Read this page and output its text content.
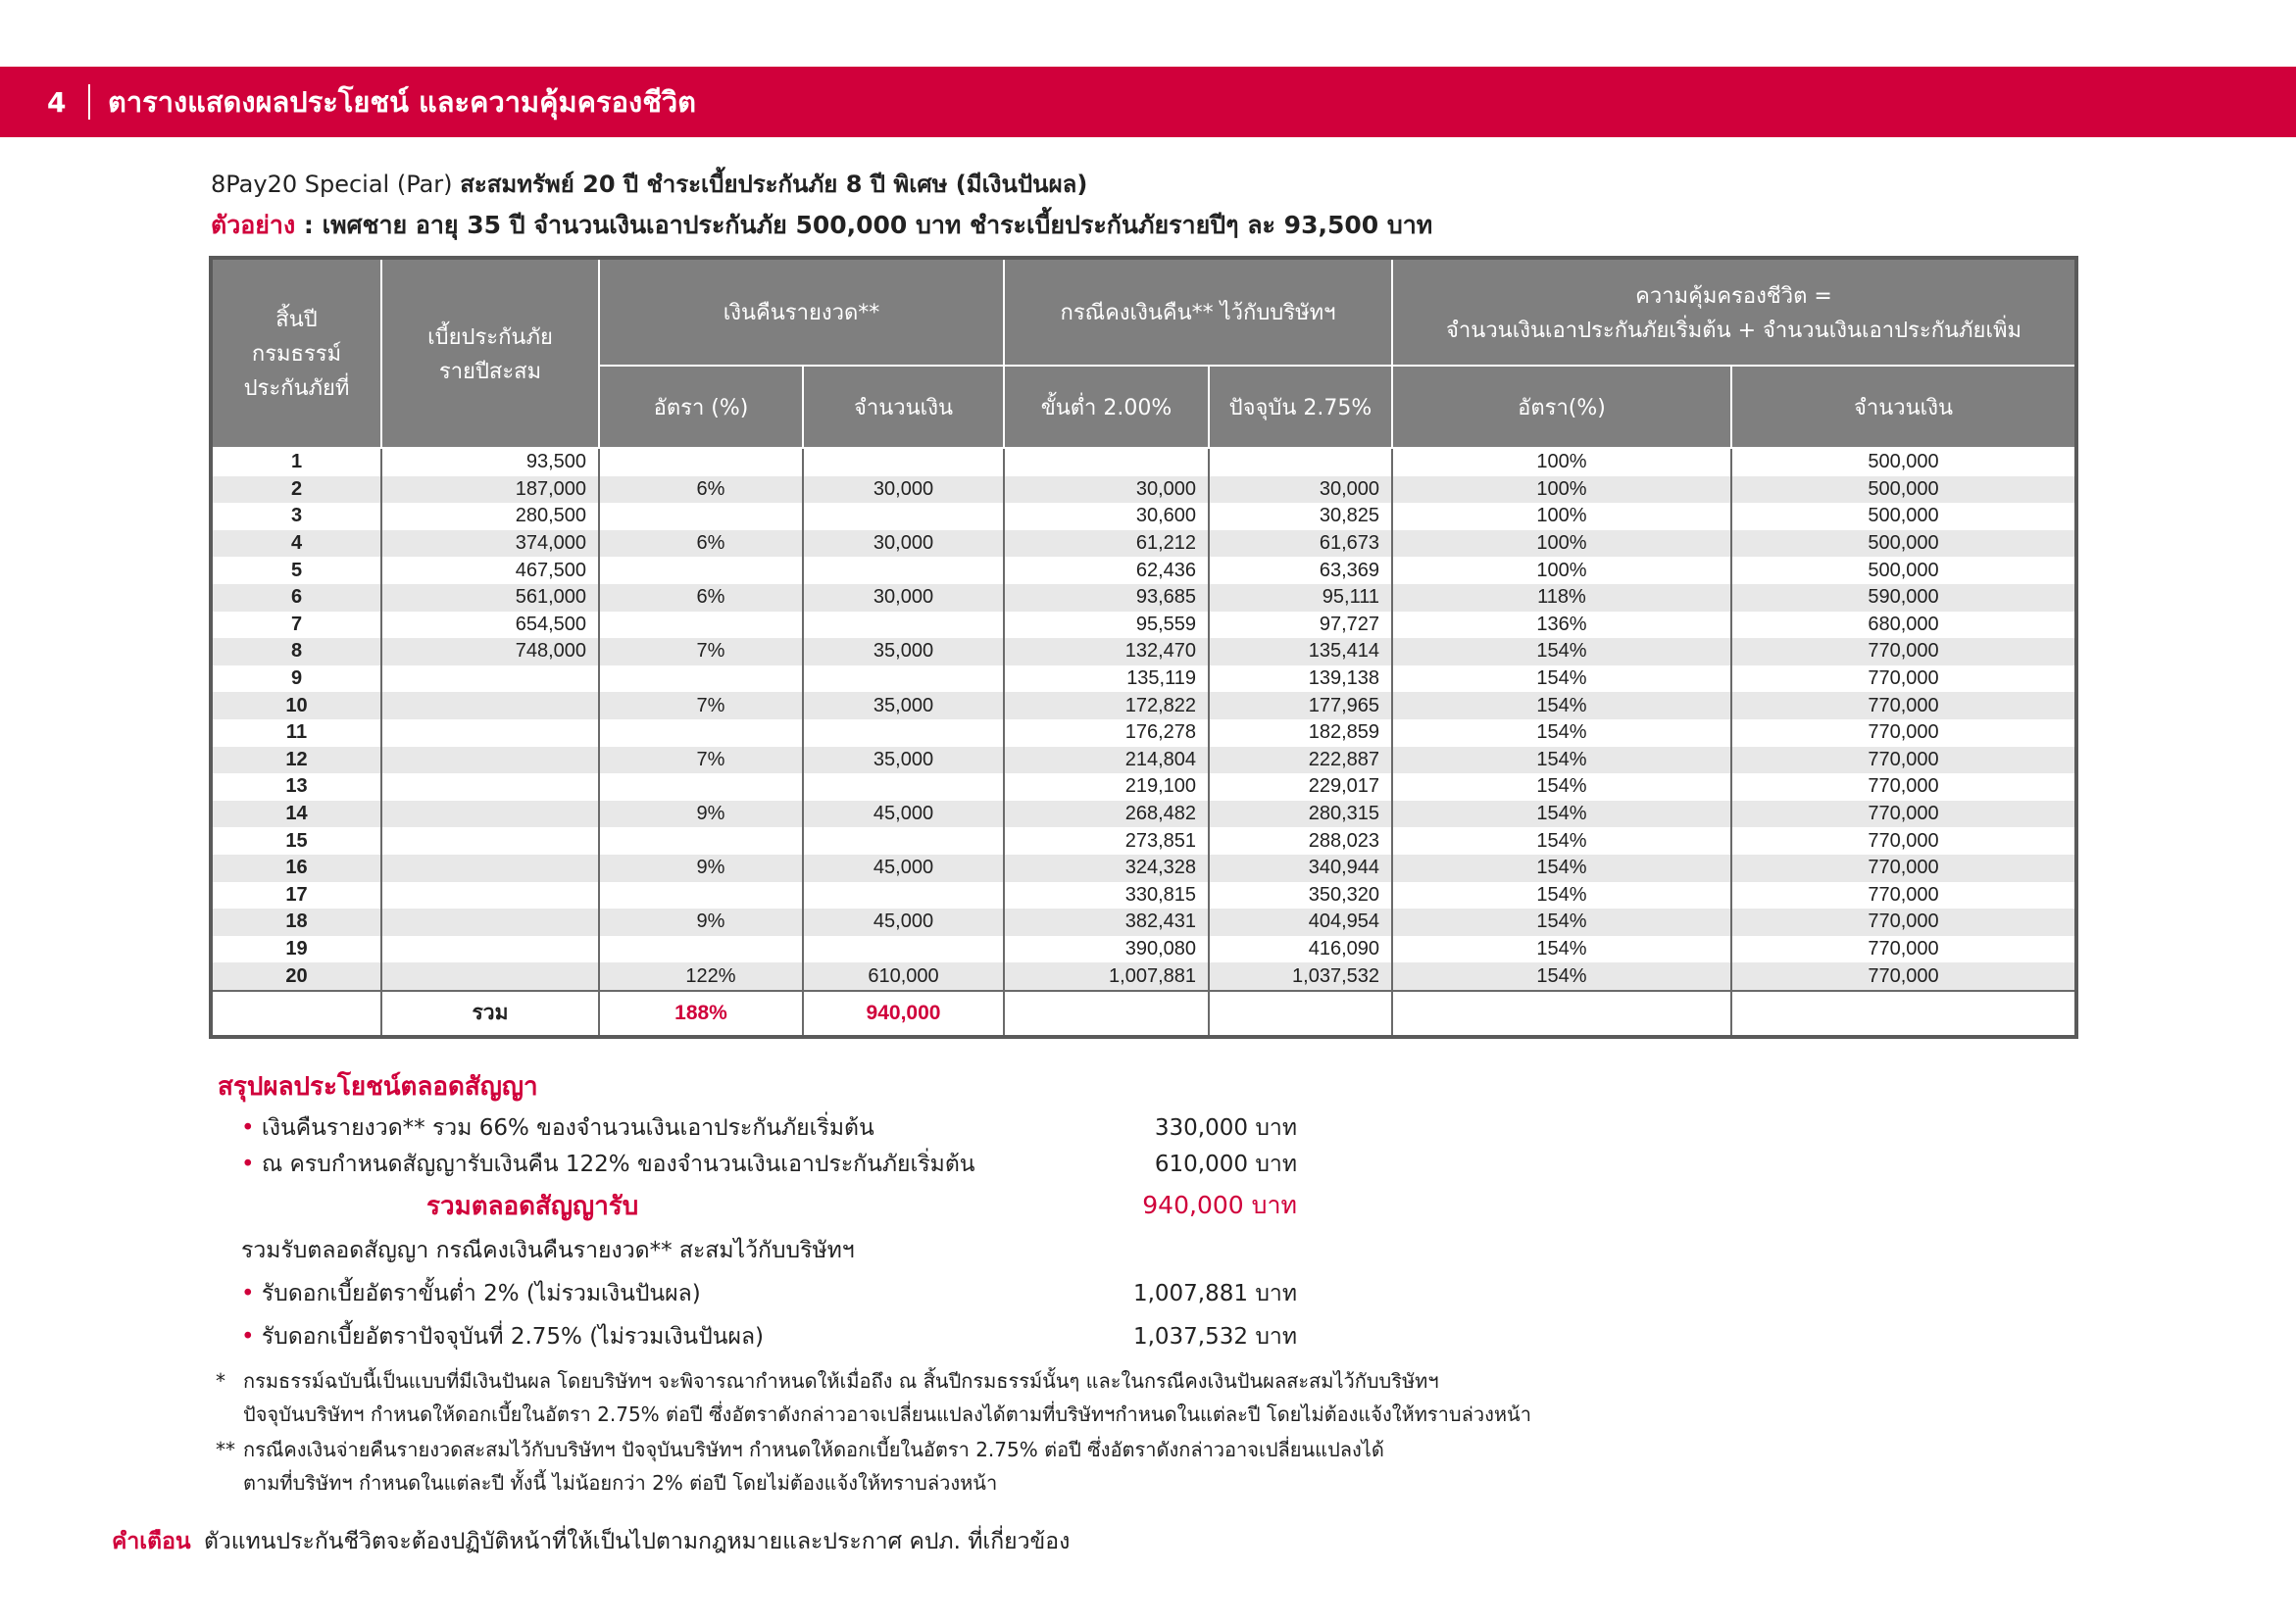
4 ตารางแสดงผลประโยชน์ และความคุ้มครองชีวิต
8Pay20 Special (Par) สะสมทรัพย์ 20 ปี ชำระเบี้ยประกันภัย 8 ปี พิเศษ (มีเงินปันผล)
ตัวอย่าง : เพศชาย อายุ 35 ปี จำนวนเงินเอาประกันภัย 500,000 บาท ชำระเบี้ยประกันภัยรายปีๆ ละ 93,500 บาท
สิ้นปี กรมธรรม์ ประกันภัยที่	เบี้ยประกันภัย รายปีสะสม	เงินคืนรายงวด**		กรณีคงเงินคืน** ไว้กับบริษัทฯ		ความคุ้มครองชีวิต =
จำนวนเงินเอาประกันภัยเริ่มต้น + จำนวนเงินเอาประกันภัยเพิ่ม	

		อัตรา (%)	จำนวนเงิน	ขั้นต่ำ 2.00%	ปัจจุบัน 2.75%	อัตรา(%)	จำนวนเงิน
1	93,500					100%	500,000
2	187,000	6%	30,000	30,000	30,000	100%	500,000
3	280,500			30,600	30,825	100%	500,000
4	374,000	6%	30,000	61,212	61,673	100%	500,000
5	467,500			62,436	63,369	100%	500,000
6	561,000	6%	30,000	93,685	95,111	118%	590,000
7	654,500			95,559	97,727	136%	680,000
8	748,000	7%	35,000	132,470	135,414	154%	770,000
9				135,119	139,138	154%	770,000
10		7%	35,000	172,822	177,965	154%	770,000
11				176,278	182,859	154%	770,000
12		7%	35,000	214,804	222,887	154%	770,000
13				219,100	229,017	154%	770,000
14		9%	45,000	268,482	280,315	154%	770,000
15				273,851	288,023	154%	770,000
16		9%	45,000	324,328	340,944	154%	770,000
17				330,815	350,320	154%	770,000
18		9%	45,000	382,431	404,954	154%	770,000
19				390,080	416,090	154%	770,000
20		122%	610,000	1,007,881	1,037,532	154%	770,000
	รวม	188%	940,000				
สรุปผลประโยชน์ตลอดสัญญา
• เงินคืนรายงวด** รวม 66% ของจำนวนเงินเอาประกันภัยเริ่มต้น	330,000 บาท
• ณ ครบกำหนดสัญญารับเงินคืน 122% ของจำนวนเงินเอาประกันภัยเริ่มต้น	610,000 บาท
รวมตลอดสัญญารับ	940,000 บาท
รวมรับตลอดสัญญา กรณีคงเงินคืนรายงวด** สะสมไว้กับบริษัทฯ
• รับดอกเบี้ยอัตราขั้นต่ำ 2% (ไม่รวมเงินปันผล)	1,007,881 บาท
• รับดอกเบี้ยอัตราปัจจุบันที่ 2.75% (ไม่รวมเงินปันผล)	1,037,532 บาท
* กรมธรรม์ฉบับนี้เป็นแบบที่มีเงินปันผล โดยบริษัทฯ จะพิจารณากำหนดให้เมื่อถึง ณ สิ้นปีกรมธรรม์นั้นๆ และในกรณีคงเงินปันผลสะสมไว้กับบริษัทฯ
ปัจจุบันบริษัทฯ กำหนดให้ดอกเบี้ยในอัตรา 2.75% ต่อปี ซึ่งอัตราดังกล่าวอาจเปลี่ยนแปลงได้ตามที่บริษัทฯกำหนดในแต่ละปี โดยไม่ต้องแจ้งให้ทราบล่วงหน้า
** กรณีคงเงินจ่ายคืนรายงวดสะสมไว้กับบริษัทฯ ปัจจุบันบริษัทฯ กำหนดให้ดอกเบี้ยในอัตรา 2.75% ต่อปี ซึ่งอัตราดังกล่าวอาจเปลี่ยนแปลงได้
ตามที่บริษัทฯ กำหนดในแต่ละปี ทั้งนี้ ไม่น้อยกว่า 2% ต่อปี โดยไม่ต้องแจ้งให้ทราบล่วงหน้า
คำเตือน ตัวแทนประกันชีวิตจะต้องปฏิบัติหน้าที่ให้เป็นไปตามกฎหมายและประกาศ คปภ. ที่เกี่ยวข้อง
